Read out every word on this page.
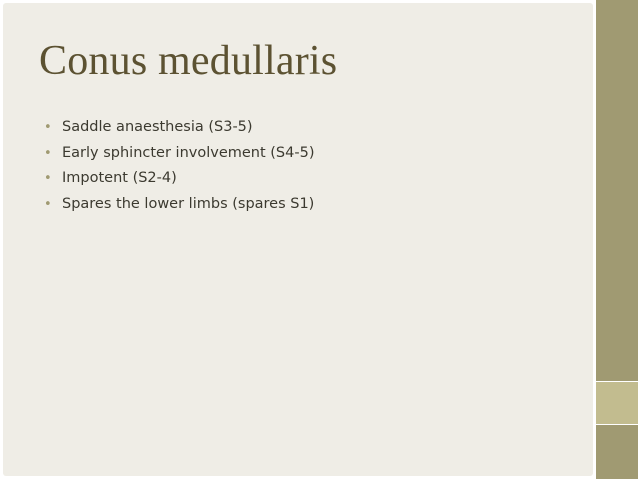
Conus medullaris
• Saddle anaesthesia (S3-5)
• Early sphincter involvement (S4-5)
• Impotent (S2-4)
• Spares the lower limbs (spares S1)
